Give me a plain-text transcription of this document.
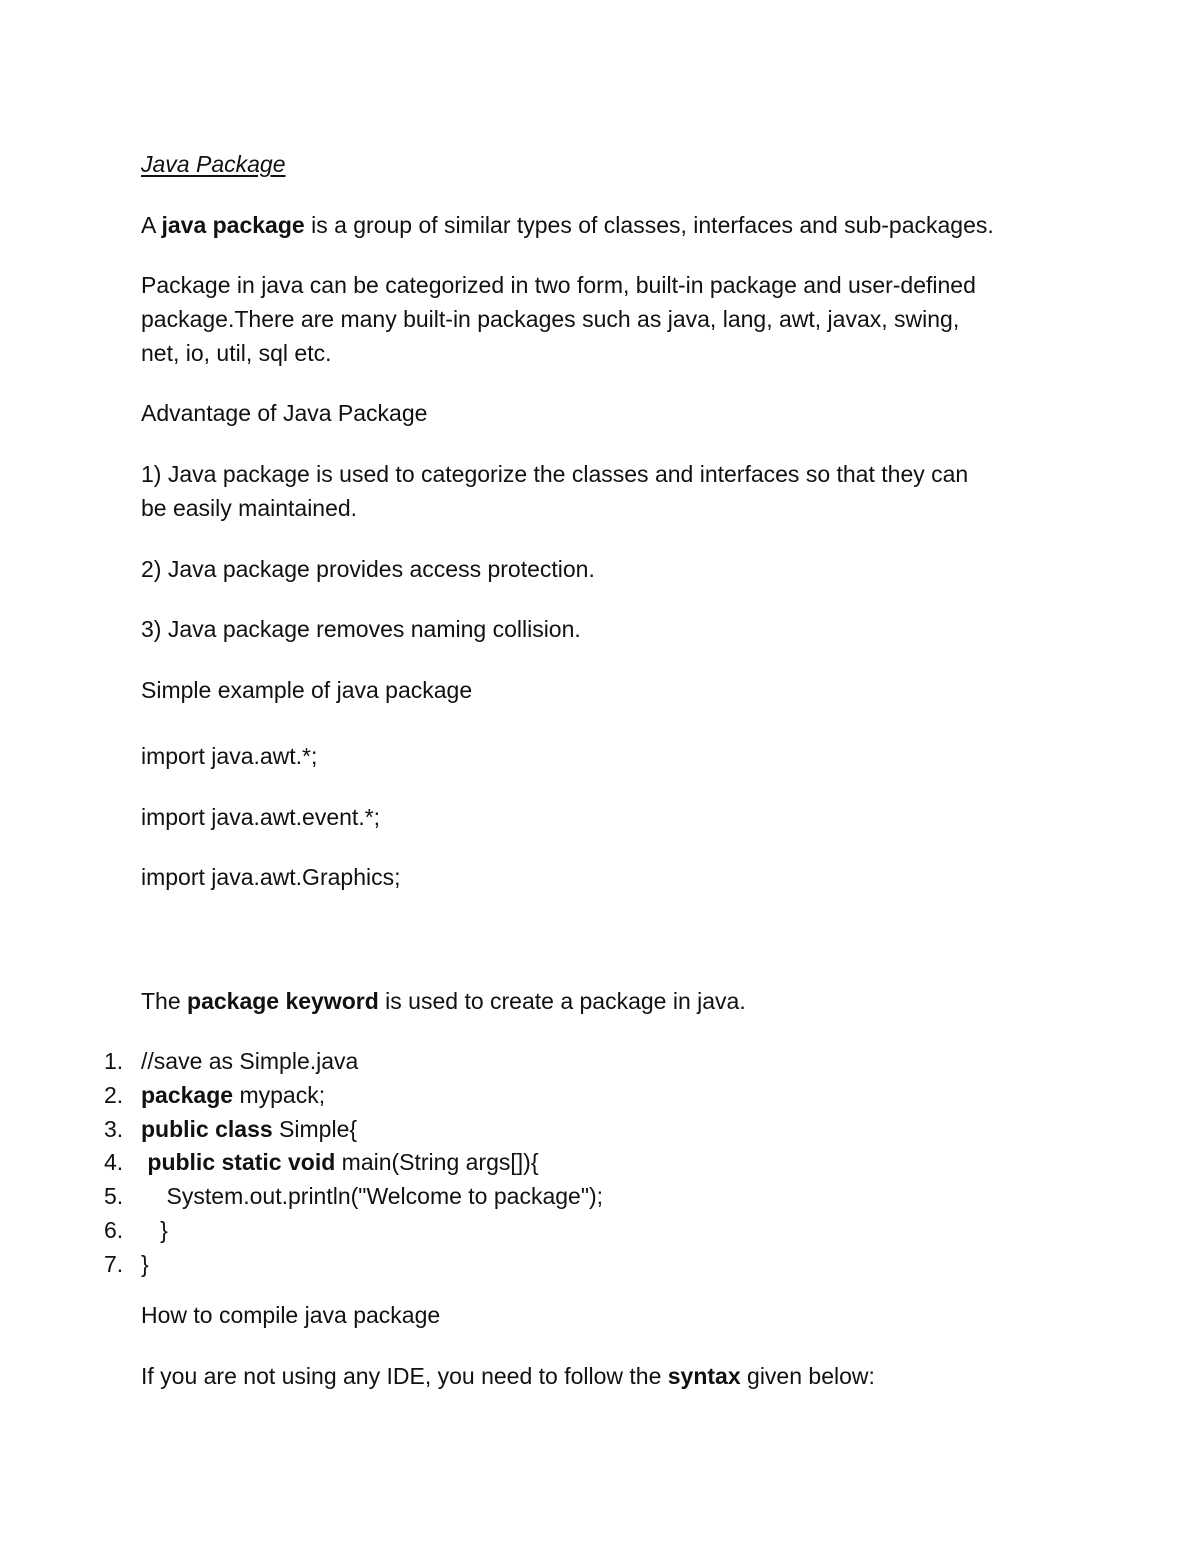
Java Package
A java package is a group of similar types of classes, interfaces and sub-packages.
Package in java can be categorized in two form, built-in package and user-defined
package.There are many built-in packages such as java, lang, awt, javax, swing,
net, io, util, sql etc.
Advantage of Java Package
1) Java package is used to categorize the classes and interfaces so that they can
be easily maintained.
2) Java package provides access protection.
3) Java package removes naming collision.
Simple example of java package
import java.awt.*;
import java.awt.event.*;
import java.awt.Graphics;
The package keyword is used to create a package in java.
1. //save as Simple.java
2. package mypack;
3. public class Simple{
4. public static void main(String args[]){
5. System.out.println("Welcome to package");
6. }
7. }
How to compile java package
If you are not using any IDE, you need to follow the syntax given below:
